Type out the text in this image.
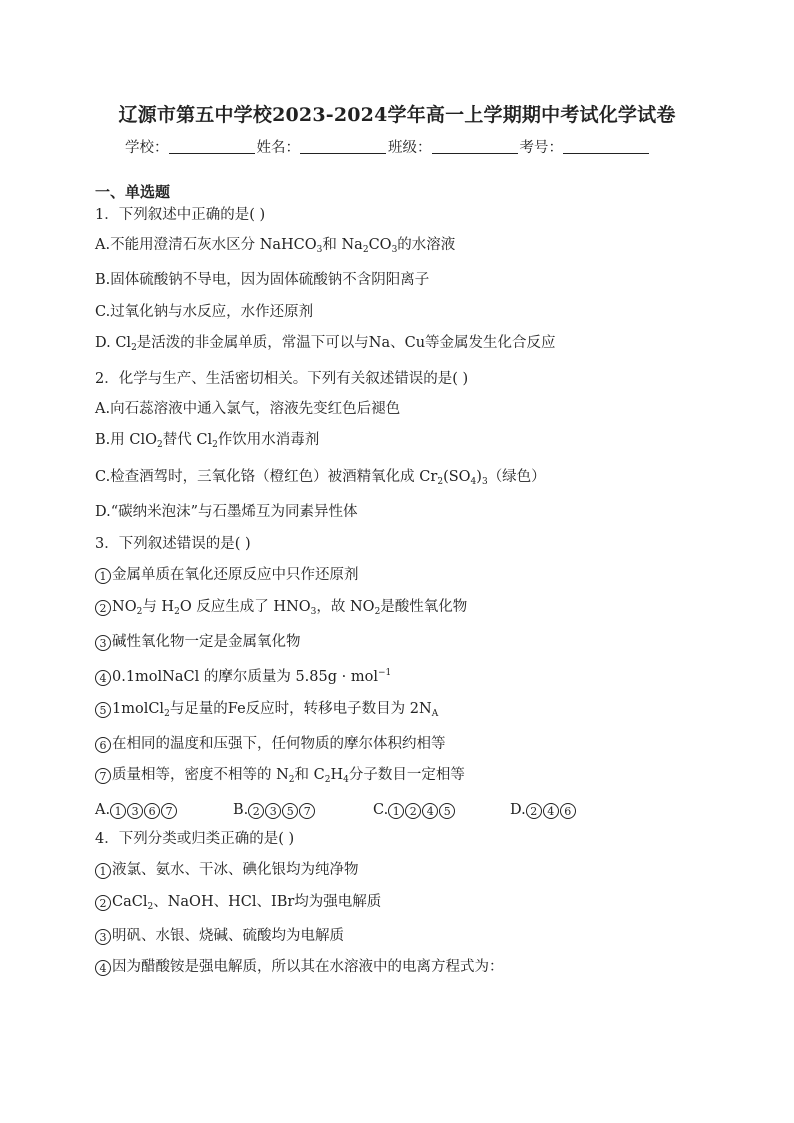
辽源市第五中学校2023-2024学年高一上学期期中考试化学试卷
学校：	姓名：	班级：	考号：
一、单选题
1．下列叙述中正确的是( )
A.不能用澄清石灰水区分 NaHCO$_3$和 $Na_2CO_3$的水溶液
B.固体硫酸钠不导电，因为固体硫酸钠不含阴阳离子
C.过氧化钠与水反应，水作还原剂
D. $Cl_2$是活泼的非金属单质，常温下可以与Na、Cu等金属发生化合反应
2．化学与生产、生活密切相关。下列有关叙述错误的是( )
A.向石蕊溶液中通入氯气，溶液先变红色后褪色
B.用 ClO$_2$替代 $Cl_2$作饮用水消毒剂
C.检查酒驾时，三氧化铬（橙红色）被酒精氧化成 $Cr_2(SO_4)_3$（绿色）
D.“碳纳米泡沫”与石墨烯互为同素异性体
3．下列叙述错误的是( )
1 金属单质在氧化还原反应中只作还原剂
2 $NO_2$与 $H_2O$ 反应生成了 $HNO_3$，故 $NO_2$是酸性氧化物
3 碱性氧化物一定是金属氧化物
4 0.1molNaCl 的摩尔质量为 5.85g · mol$^{-1}$
5 1molCl$_2$与足量的Fe反应时，转移电子数目为 $2N_A$
6 在相同的温度和压强下，任何物质的摩尔体积约相等
7 质量相等，密度不相等的 $N_2$和 $C_2H_4$分子数目一定相等
A. 1 3 6 7	B. 2 3 5 7	C. 1 2 4 5	D. 2 4 6
4．下列分类或归类正确的是( )
1 液氯、氨水、干冰、碘化银均为纯净物
2 CaCl$_2$、NaOH、HCl、IBr均为强电解质
3 明矾、水银、烧碱、硫酸均为电解质
4 因为醋酸铵是强电解质，所以其在水溶液中的电离方程式为：
